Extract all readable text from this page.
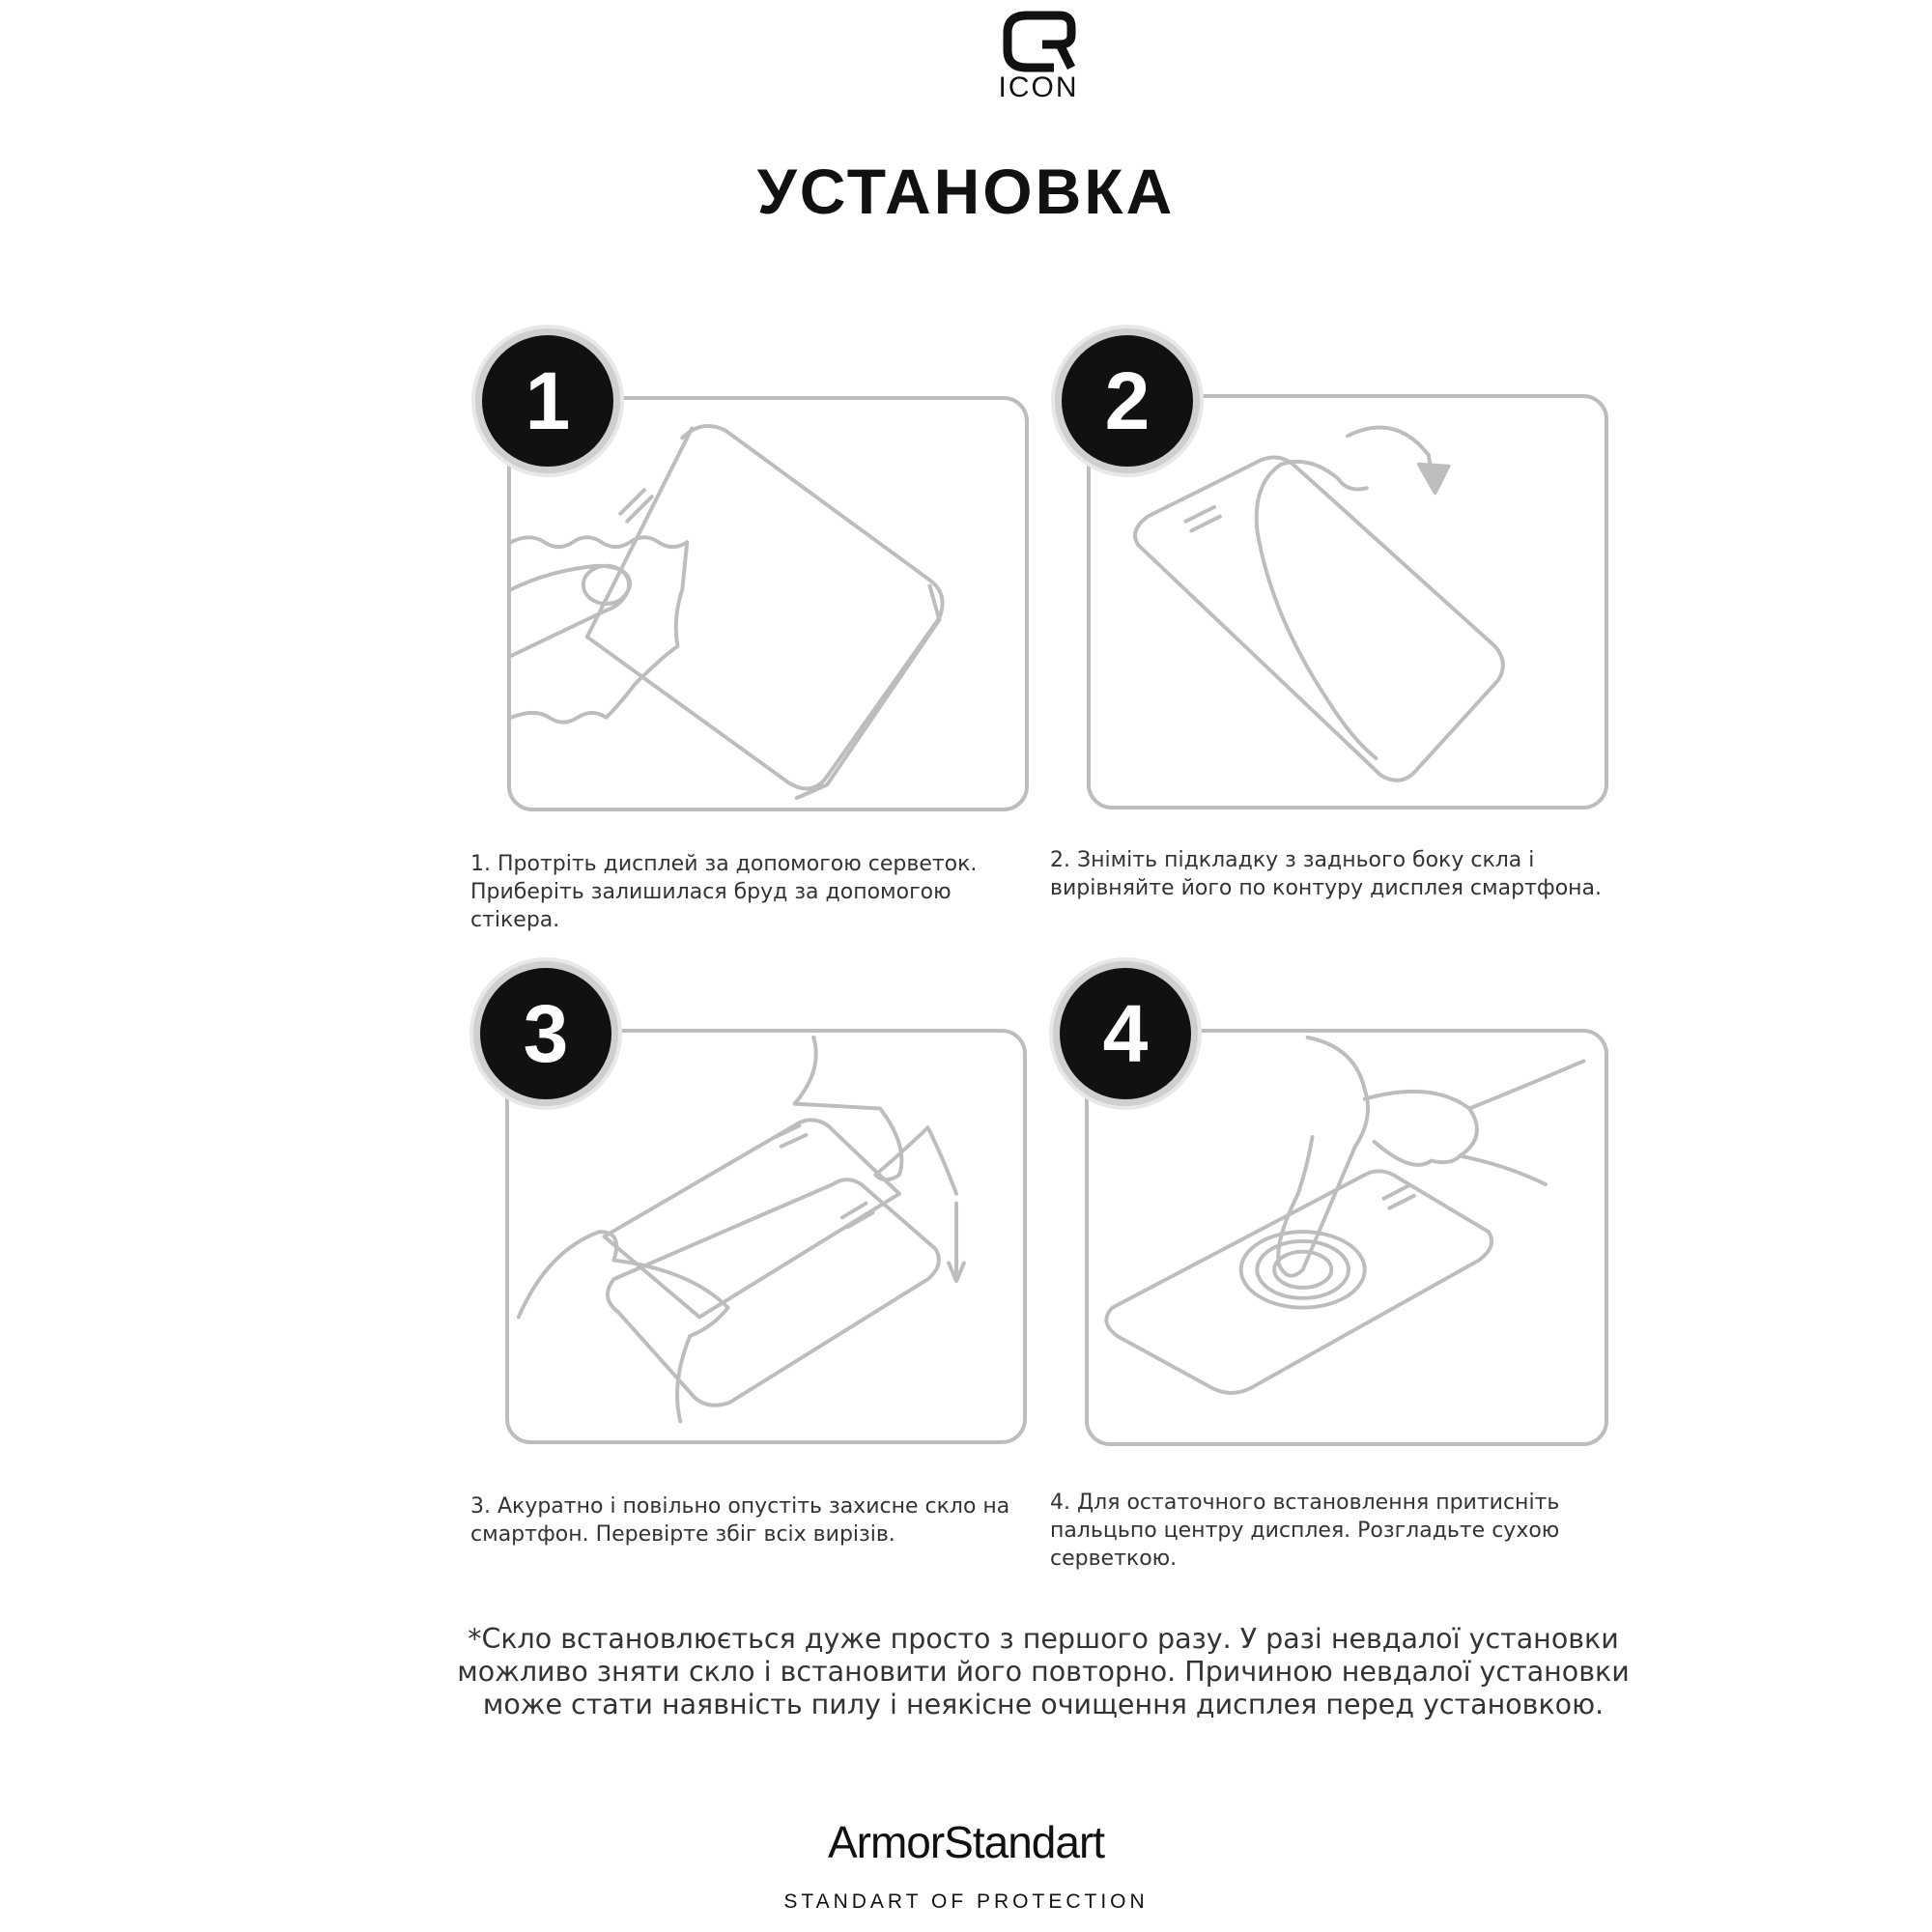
ICON
УСТАНОВКА
1
1. Протріть дисплей за допомогою серветок. Приберіть залишилася бруд за допомогою стікера.
2
2. Зніміть підкладку з заднього боку скла і вирівняйте його по контуру дисплея смартфона.
3
3. Акуратно і повільно опустіть захисне скло на смартфон. Перевірте збіг всіх вирізів.
4
4. Для остаточного встановлення притисніть пальцьпо центру дисплея. Розгладьте сухою серветкою.
*Скло встановлюється дуже просто з першого разу. У разі невдалої установки можливо зняти скло і встановити його повторно. Причиною невдалої установки може стати наявність пилу і неякісне очищення дисплея перед установкою.
ArmorStandart
STANDART OF PROTECTION
